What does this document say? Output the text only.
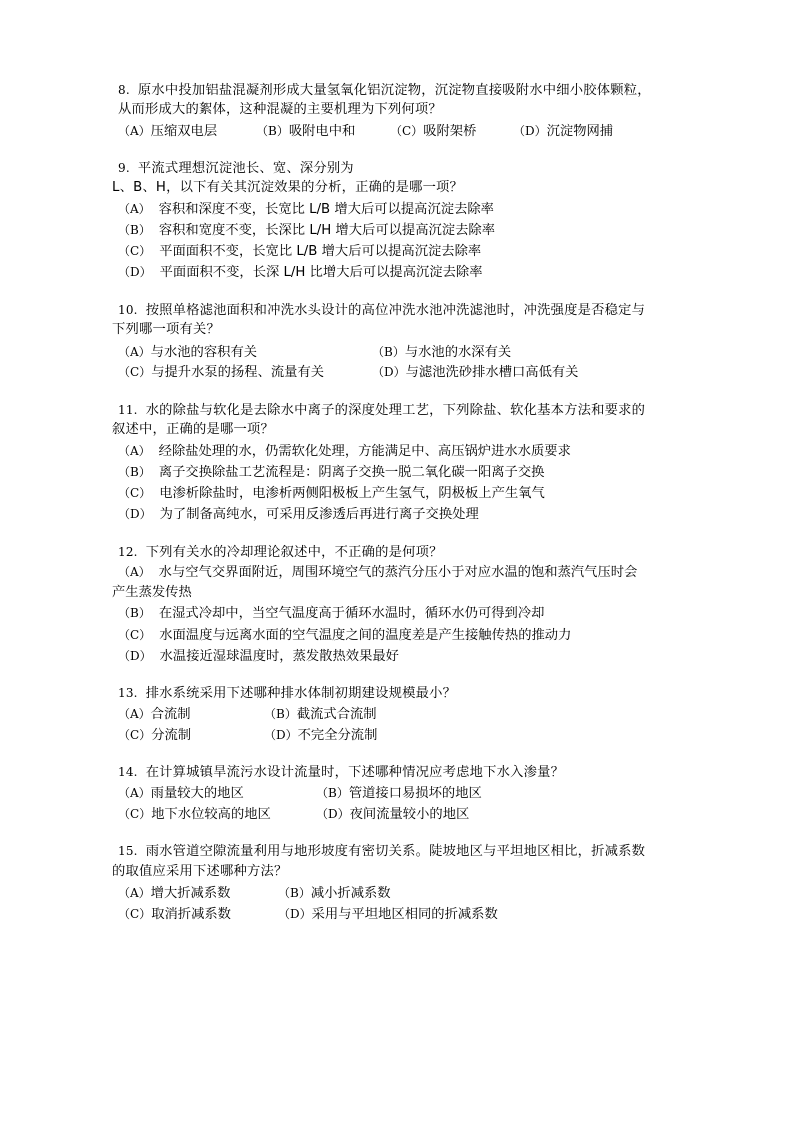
8. 原水中投加铝盐混凝剂形成大量氢氧化铝沉淀物，沉淀物直接吸附水中细小胶体颗粒，
从而形成大的絮体，这种混凝的主要机理为下列何项？
（A）压缩双电层	（B）吸附电中和	（C）吸附架桥	（D）沉淀物网捕
9. 平流式理想沉淀池长、宽、深分别为
L、B、H，以下有关其沉淀效果的分析，正确的是哪一项？
（A） 容积和深度不变，长宽比 L/B 增大后可以提高沉淀去除率
（B） 容积和宽度不变，长深比 L/H 增大后可以提高沉淀去除率
（C） 平面面积不变，长宽比 L/B 增大后可以提高沉淀去除率
（D） 平面面积不变，长深 L/H 比增大后可以提高沉淀去除率
10. 按照单格滤池面积和冲洗水头设计的高位冲洗水池冲洗滤池时，冲洗强度是否稳定与
下列哪一项有关？
（A）与水池的容积有关	（B）与水池的水深有关
（C）与提升水泵的扬程、流量有关	（D）与滤池洗砂排水槽口高低有关
11. 水的除盐与软化是去除水中离子的深度处理工艺，下列除盐、软化基本方法和要求的
叙述中，正确的是哪一项？
（A） 经除盐处理的水，仍需软化处理，方能满足中、高压锅炉进水水质要求
（B） 离子交换除盐工艺流程是：阴离子交换一脱二氧化碳一阳离子交换
（C） 电渗析除盐时，电渗析两侧阳极板上产生氢气，阴极板上产生氧气
（D） 为了制备高纯水，可采用反渗透后再进行离子交换处理
12. 下列有关水的冷却理论叙述中，不正确的是何项？
（A） 水与空气交界面附近，周围环境空气的蒸汽分压小于对应水温的饱和蒸汽气压时会
产生蒸发传热
（B） 在湿式冷却中，当空气温度高于循环水温时，循环水仍可得到冷却
（C） 水面温度与远离水面的空气温度之间的温度差是产生接触传热的推动力
（D） 水温接近湿球温度时，蒸发散热效果最好
13. 排水系统采用下述哪种排水体制初期建设规模最小？
（A）合流制	（B）截流式合流制
（C）分流制	（D）不完全分流制
14. 在计算城镇旱流污水设计流量时，下述哪种情况应考虑地下水入渗量？
（A）雨量较大的地区	（B）管道接口易损坏的地区
（C）地下水位较高的地区	（D）夜间流量较小的地区
15. 雨水管道空隙流量利用与地形坡度有密切关系。陡坡地区与平坦地区相比，折减系数
的取值应采用下述哪种方法？
（A）增大折减系数	（B）减小折减系数
（C）取消折减系数	（D）采用与平坦地区相同的折减系数
